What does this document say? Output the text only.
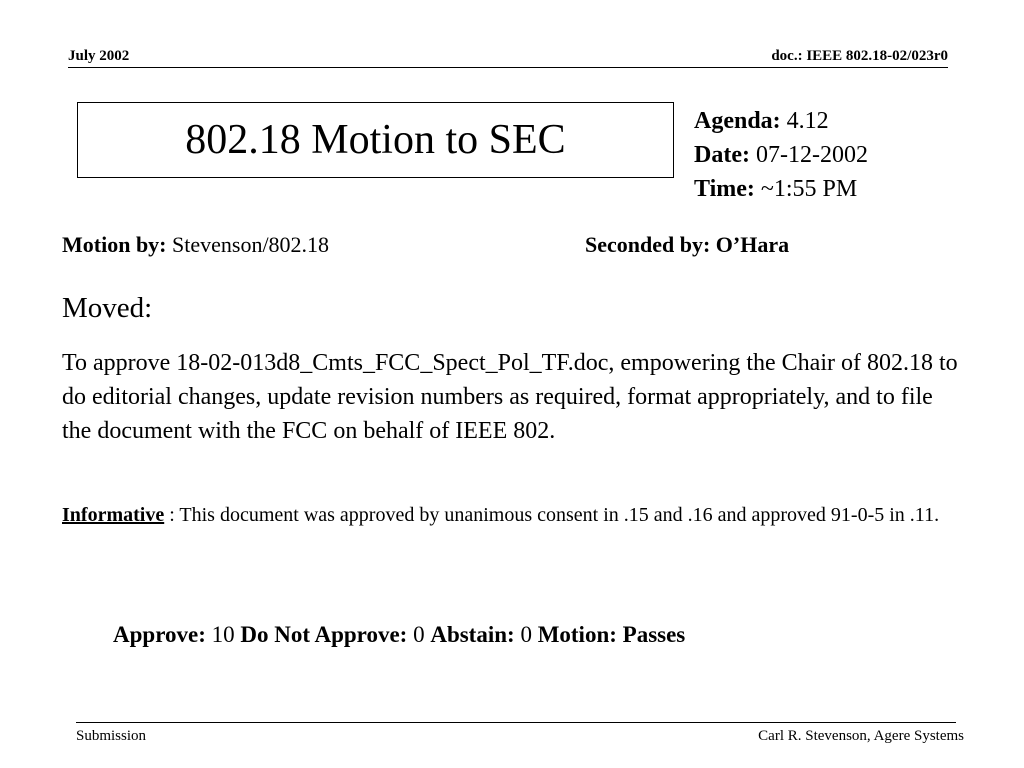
July 2002	doc.: IEEE 802.18-02/023r0
802.18 Motion to SEC	Agenda: 4.12
Date: 07-12-2002
Time: ~1:55 PM
Motion by: Stevenson/802.18	Seconded by: O’Hara
Moved:
To approve 18-02-013d8_Cmts_FCC_Spect_Pol_TF.doc, empowering the Chair of 802.18 to do editorial changes, update revision numbers as required, format appropriately, and to file the document with the FCC on behalf of IEEE 802.
Informative : This document was approved by unanimous consent in .15 and .16 and approved 91-0-5 in .11.
Approve: 10 Do Not Approve: 0 Abstain: 0 Motion: Passes
Submission	Carl R. Stevenson, Agere Systems
